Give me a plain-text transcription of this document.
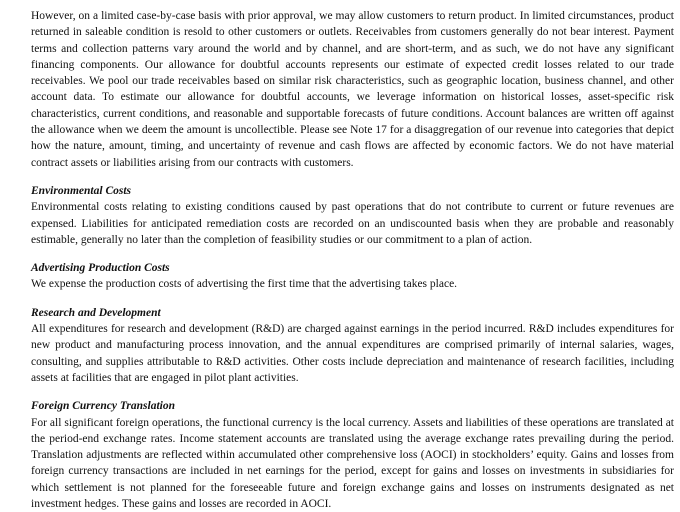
However, on a limited case-by-case basis with prior approval, we may allow customers to return product. In limited circumstances, product returned in saleable condition is resold to other customers or outlets. Receivables from customers generally do not bear interest. Payment terms and collection patterns vary around the world and by channel, and are short-term, and as such, we do not have any significant financing components. Our allowance for doubtful accounts represents our estimate of expected credit losses related to our trade receivables. We pool our trade receivables based on similar risk characteristics, such as geographic location, business channel, and other account data. To estimate our allowance for doubtful accounts, we leverage information on historical losses, asset-specific risk characteristics, current conditions, and reasonable and supportable forecasts of future conditions. Account balances are written off against the allowance when we deem the amount is uncollectible. Please see Note 17 for a disaggregation of our revenue into categories that depict how the nature, amount, timing, and uncertainty of revenue and cash flows are affected by economic factors. We do not have material contract assets or liabilities arising from our contracts with customers.

Environmental Costs

Environmental costs relating to existing conditions caused by past operations that do not contribute to current or future revenues are expensed. Liabilities for anticipated remediation costs are recorded on an undiscounted basis when they are probable and reasonably estimable, generally no later than the completion of feasibility studies or our commitment to a plan of action.

Advertising Production Costs

We expense the production costs of advertising the first time that the advertising takes place.

Research and Development

All expenditures for research and development (R&D) are charged against earnings in the period incurred. R&D includes expenditures for new product and manufacturing process innovation, and the annual expenditures are comprised primarily of internal salaries, wages, consulting, and supplies attributable to R&D activities. Other costs include depreciation and maintenance of research facilities, including assets at facilities that are engaged in pilot plant activities.

Foreign Currency Translation

For all significant foreign operations, the functional currency is the local currency. Assets and liabilities of these operations are translated at the period-end exchange rates. Income statement accounts are translated using the average exchange rates prevailing during the period. Translation adjustments are reflected within accumulated other comprehensive loss (AOCI) in stockholders’ equity. Gains and losses from foreign currency transactions are included in net earnings for the period, except for gains and losses on investments in subsidiaries for which settlement is not planned for the foreseeable future and foreign exchange gains and losses on instruments designated as net investment hedges. These gains and losses are recorded in AOCI.
